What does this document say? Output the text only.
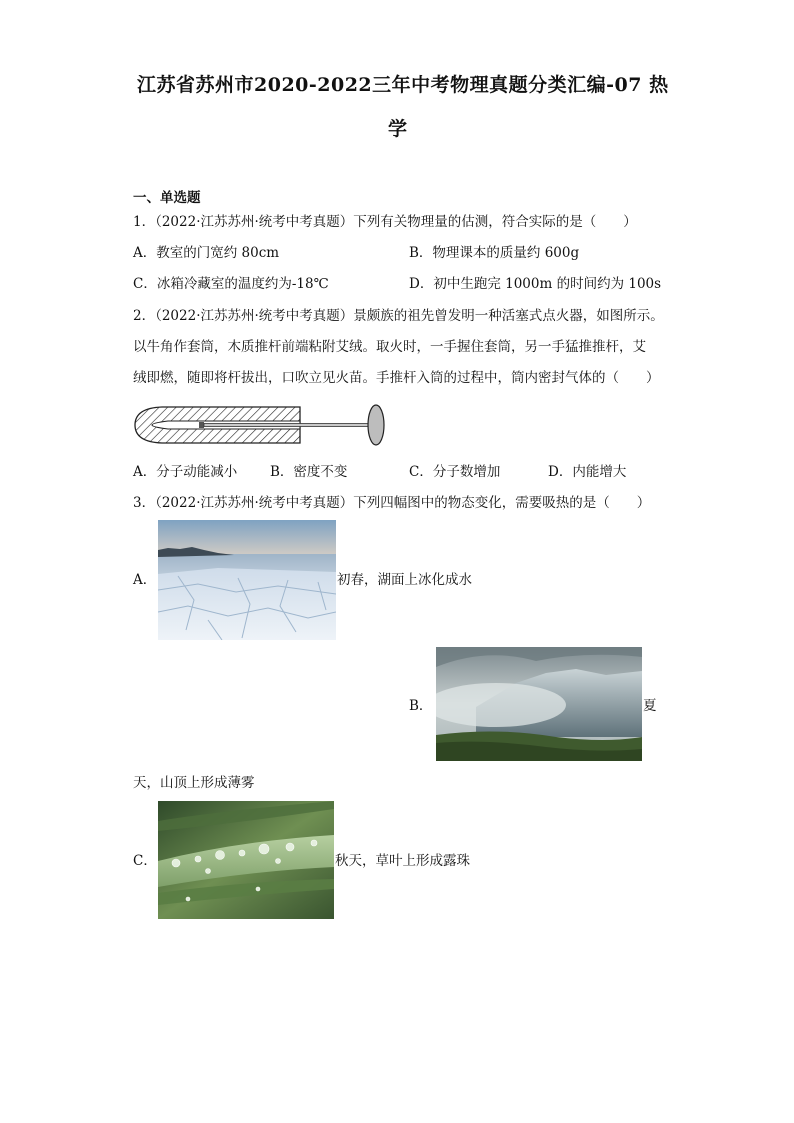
江苏省苏州市2020-2022三年中考物理真题分类汇编-07 热
学
一、单选题
1．（2022·江苏苏州·统考中考真题）下列有关物理量的估测，符合实际的是（　　）
A．教室的门宽约 80cm	B．物理课本的质量约 600g
C．冰箱冷藏室的温度约为-18℃	D．初中生跑完 1000m 的时间约为 100s
2．（2022·江苏苏州·统考中考真题）景颇族的祖先曾发明一种活塞式点火器，如图所示。
以牛角作套筒，木质推杆前端粘附艾绒。取火时，一手握住套筒，另一手猛推推杆，艾
绒即燃，随即将杆拔出，口吹立见火苗。手推杆入筒的过程中，筒内密封气体的（　　）
A．分子动能减小 B．密度不变	C．分子数增加	D．内能增大
3．（2022·江苏苏州·统考中考真题）下列四幅图中的物态变化，需要吸热的是（　　）
A．	初春，湖面上冰化成水
B．	夏
天，山顶上形成薄雾
C．	秋天，草叶上形成露珠
